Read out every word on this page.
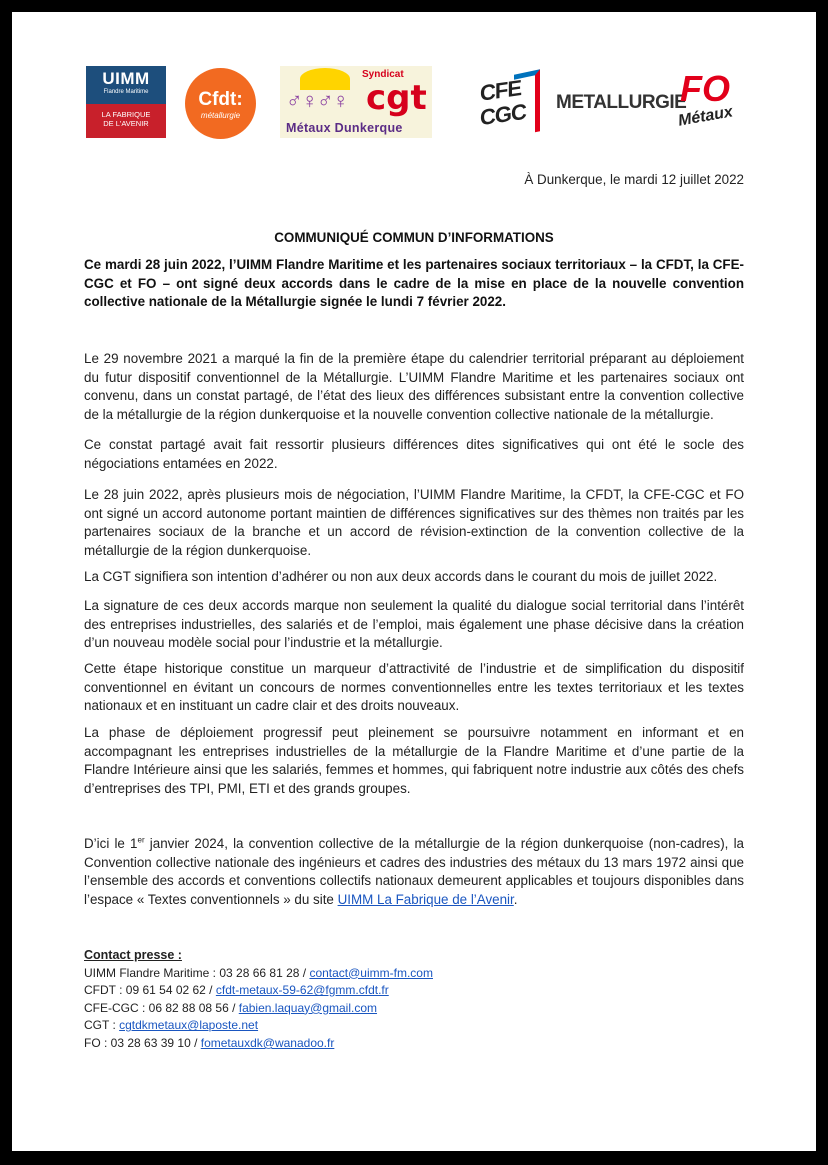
UIMM
Flandre Maritime
LA FABRIQUE
DE L'AVENIR
Cfdt:
métallurgie
♂♀♂♀
Syndicat
cgt
Métaux Dunkerque
CFE
CGC METALLURGIE
FO
Métaux
À Dunkerque, le mardi 12 juillet 2022
COMMUNIQUÉ COMMUN D’INFORMATIONS
Ce mardi 28 juin 2022, l’UIMM Flandre Maritime et les partenaires sociaux territoriaux – la CFDT, la CFE-CGC et FO – ont signé deux accords dans le cadre de la mise en place de la nouvelle convention collective nationale de la Métallurgie signée le lundi 7 février 2022.
Le 29 novembre 2021 a marqué la fin de la première étape du calendrier territorial préparant au déploiement du futur dispositif conventionnel de la Métallurgie. L’UIMM Flandre Maritime et les partenaires sociaux ont convenu, dans un constat partagé, de l’état des lieux des différences subsistant entre la convention collective de la métallurgie de la région dunkerquoise et la nouvelle convention collective nationale de la métallurgie.
Ce constat partagé avait fait ressortir plusieurs différences dites significatives qui ont été le socle des négociations entamées en 2022.
Le 28 juin 2022, après plusieurs mois de négociation, l’UIMM Flandre Maritime, la CFDT, la CFE-CGC et FO ont signé un accord autonome portant maintien de différences significatives sur des thèmes non traités par les partenaires sociaux de la branche et un accord de révision-extinction de la convention collective de la métallurgie de la région dunkerquoise.
La CGT signifiera son intention d’adhérer ou non aux deux accords dans le courant du mois de juillet 2022.
La signature de ces deux accords marque non seulement la qualité du dialogue social territorial dans l’intérêt des entreprises industrielles, des salariés et de l’emploi, mais également une phase décisive dans la création d’un nouveau modèle social pour l’industrie et la métallurgie.
Cette étape historique constitue un marqueur d’attractivité de l’industrie et de simplification du dispositif conventionnel en évitant un concours de normes conventionnelles entre les textes territoriaux et les textes nationaux et en instituant un cadre clair et des droits nouveaux.
La phase de déploiement progressif peut pleinement se poursuivre notamment en informant et en accompagnant les entreprises industrielles de la métallurgie de la Flandre Maritime et d’une partie de la Flandre Intérieure ainsi que les salariés, femmes et hommes, qui fabriquent notre industrie aux côtés des chefs d’entreprises des TPI, PMI, ETI et des grands groupes.
D’ici le 1er janvier 2024, la convention collective de la métallurgie de la région dunkerquoise (non-cadres), la Convention collective nationale des ingénieurs et cadres des industries des métaux du 13 mars 1972 ainsi que l’ensemble des accords et conventions collectifs nationaux demeurent applicables et toujours disponibles dans l’espace « Textes conventionnels » du site UIMM La Fabrique de l’Avenir.
Contact presse :
UIMM Flandre Maritime : 03 28 66 81 28 / contact@uimm-fm.com
CFDT : 09 61 54 02 62 / cfdt-metaux-59-62@fgmm.cfdt.fr
CFE-CGC : 06 82 88 08 56 / fabien.laquay@gmail.com
CGT : cgtdkmetaux@laposte.net
FO : 03 28 63 39 10 / fometauxdk@wanadoo.fr
